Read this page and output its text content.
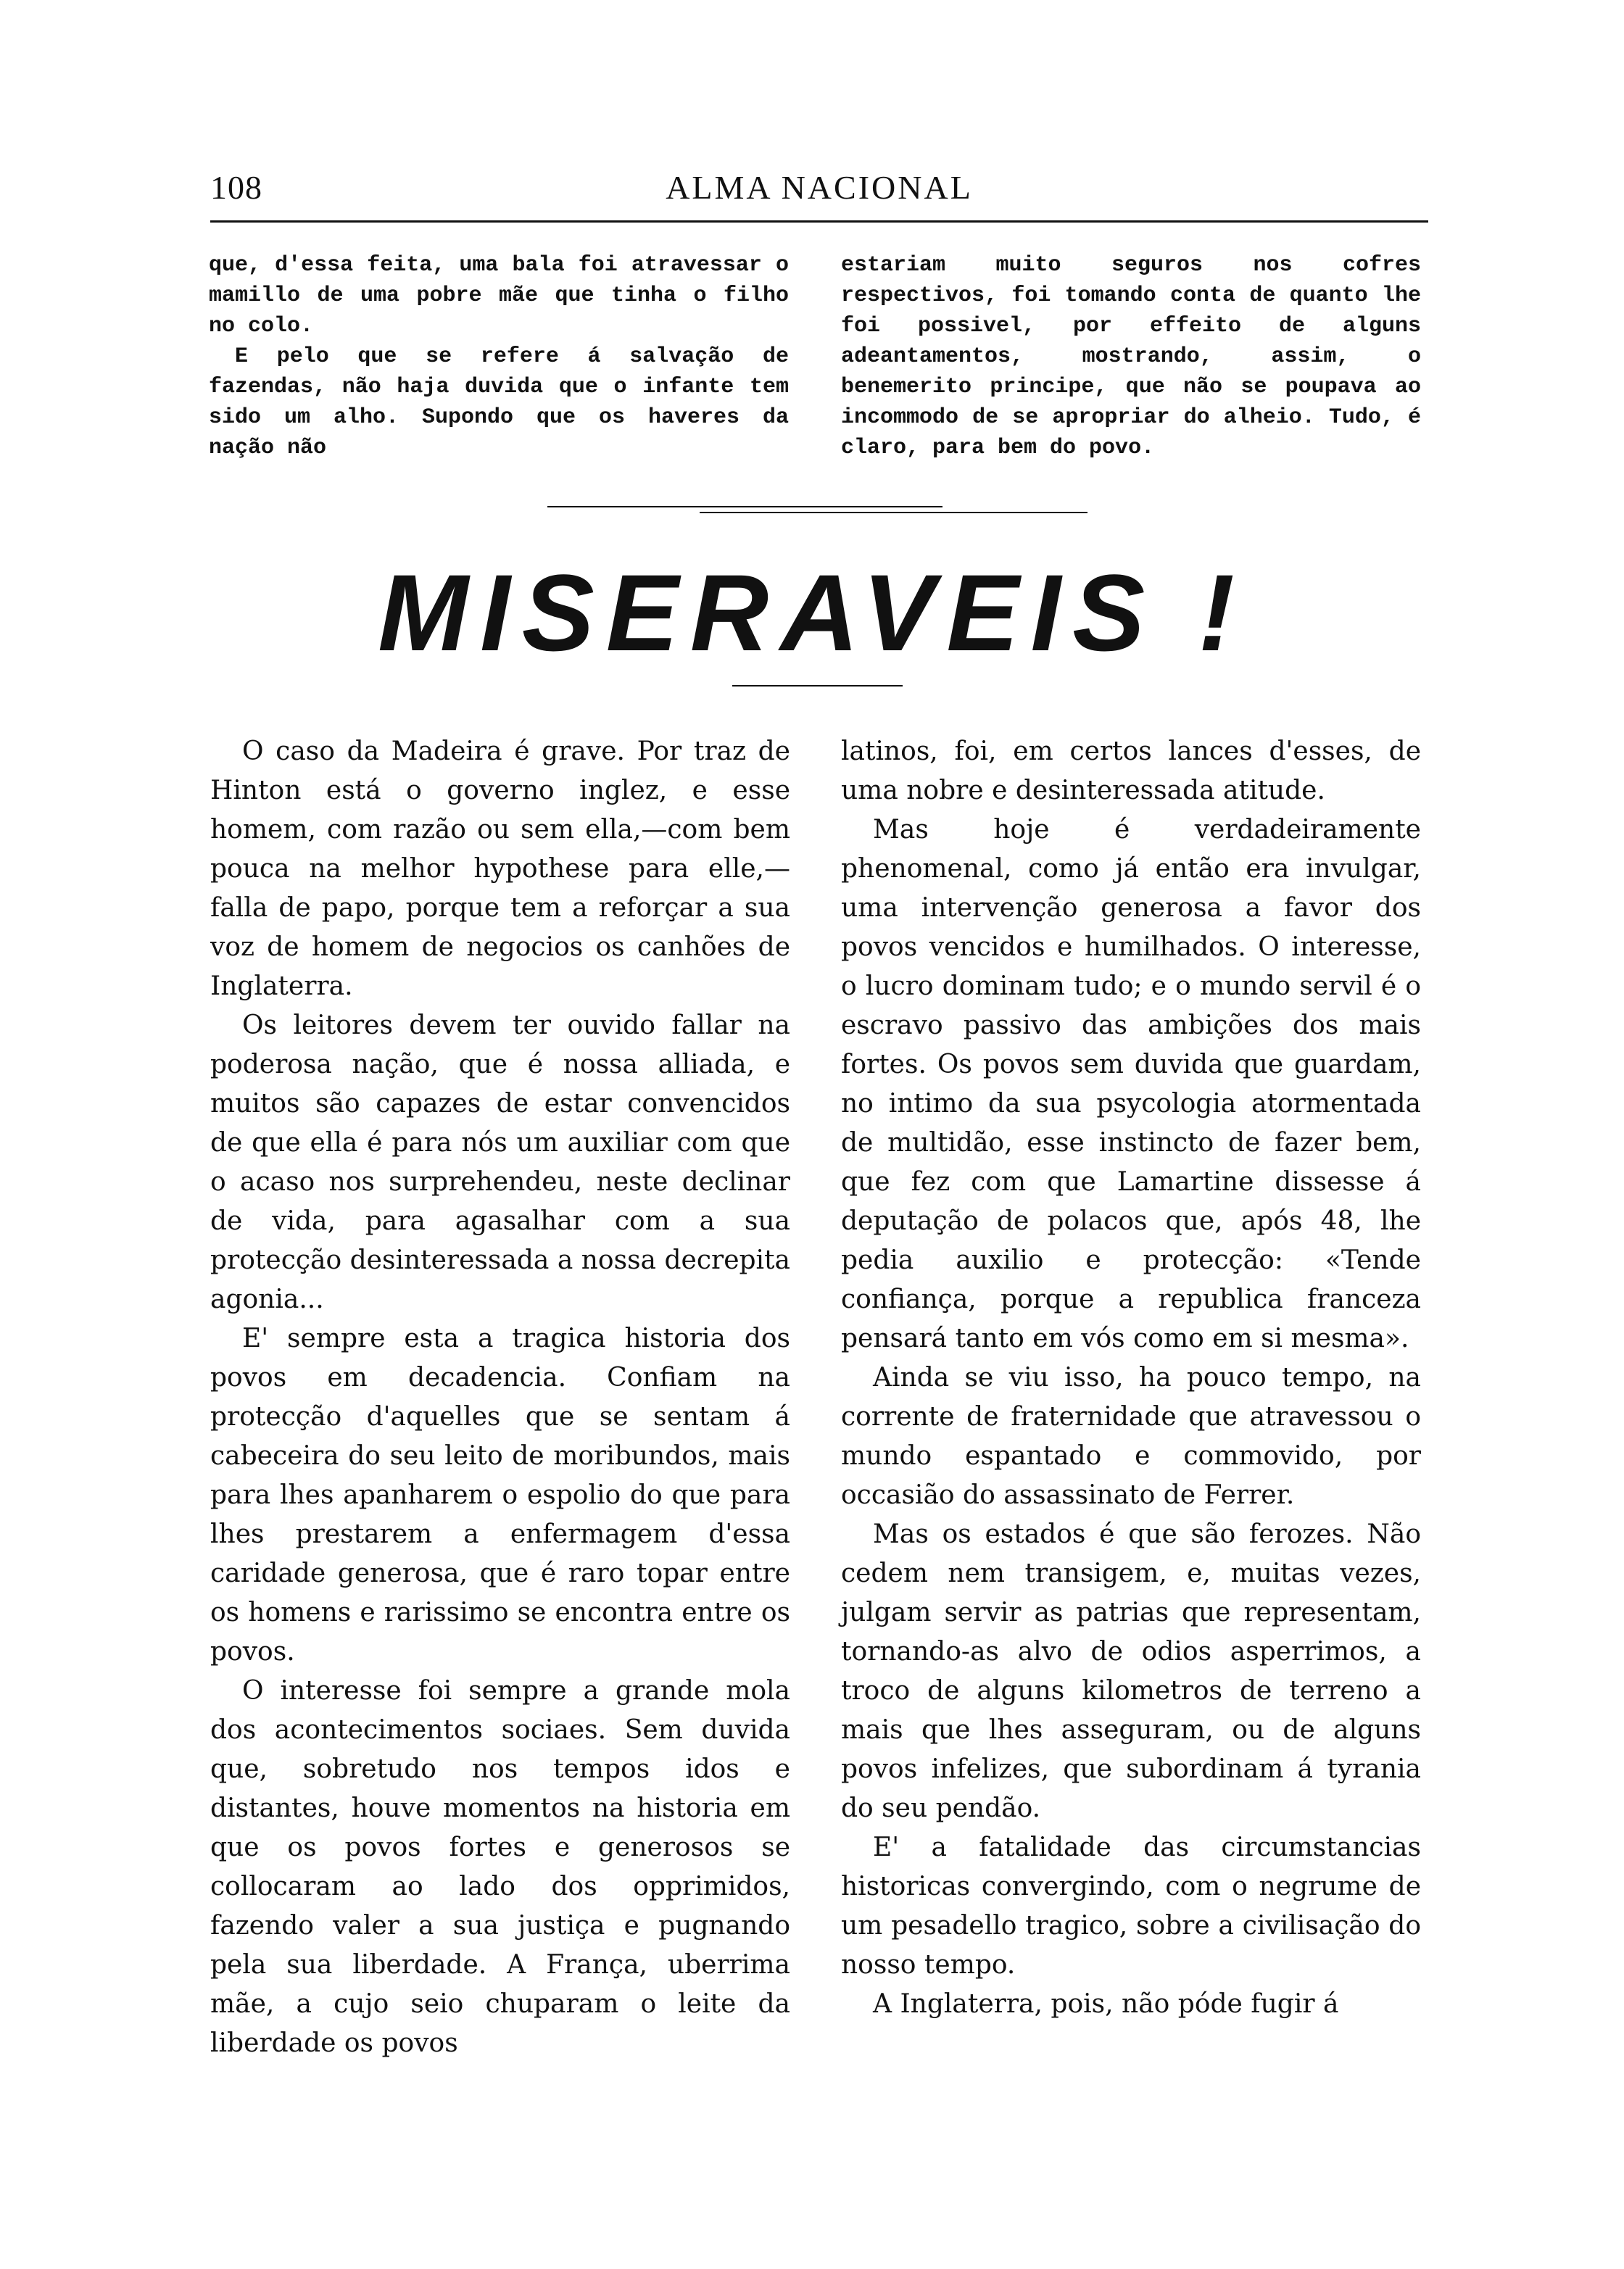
108	ALMA NACIONAL

que, d'essa feita, uma bala foi atravessar o mamillo de uma pobre mãe que tinha o filho no colo.

E pelo que se refere á salvação de fazendas, não haja duvida que o infante tem sido um alho. Supondo que os haveres da nação não

estariam muito seguros nos cofres respectivos, foi tomando conta de quanto lhe foi possivel, por effeito de alguns adeantamentos, mostrando, assim, o benemerito principe, que não se poupava ao incommodo de se apropriar do alheio. Tudo, é claro, para bem do povo.

MISERAVEIS !

O caso da Madeira é grave. Por traz de Hinton está o governo inglez, e esse homem, com razão ou sem ella,—com bem pouca na melhor hypothese para elle,— falla de papo, porque tem a reforçar a sua voz de homem de negocios os canhões de Inglaterra.

Os leitores devem ter ouvido fallar na poderosa nação, que é nossa alliada, e muitos são capazes de estar convencidos de que ella é para nós um auxiliar com que o acaso nos surprehendeu, neste declinar de vida, para agasalhar com a sua protecção desinteressada a nossa decrepita agonia...

E' sempre esta a tragica historia dos povos em decadencia. Confiam na protecção d'aquelles que se sentam á cabeceira do seu leito de moribundos, mais para lhes apanharem o espolio do que para lhes prestarem a enfermagem d'essa caridade generosa, que é raro topar entre os homens e rarissimo se encontra entre os povos.

O interesse foi sempre a grande mola dos acontecimentos sociaes. Sem duvida que, sobretudo nos tempos idos e distantes, houve momentos na historia em que os povos fortes e generosos se collocaram ao lado dos opprimidos, fazendo valer a sua justiça e pugnando pela sua liberdade. A França, uberrima mãe, a cujo seio chuparam o leite da liberdade os povos

latinos, foi, em certos lances d'esses, de uma nobre e desinteressada atitude.

Mas hoje é verdadeiramente phenomenal, como já então era invulgar, uma intervenção generosa a favor dos povos vencidos e humilhados. O interesse, o lucro dominam tudo; e o mundo servil é o escravo passivo das ambições dos mais fortes. Os povos sem duvida que guardam, no intimo da sua psycologia atormentada de multidão, esse instincto de fazer bem, que fez com que Lamartine dissesse á deputação de polacos que, após 48, lhe pedia auxilio e protecção: «Tende confiança, porque a republica franceza pensará tanto em vós como em si mesma».

Ainda se viu isso, ha pouco tempo, na corrente de fraternidade que atravessou o mundo espantado e commovido, por occasião do assassinato de Ferrer.

Mas os estados é que são ferozes. Não cedem nem transigem, e, muitas vezes, julgam servir as patrias que representam, tornando-as alvo de odios asperrimos, a troco de alguns kilometros de terreno a mais que lhes asseguram, ou de alguns povos infelizes, que subordinam á tyrania do seu pendão.

E' a fatalidade das circumstancias historicas convergindo, com o negrume de um pesadello tragico, sobre a civilisação do nosso tempo.

A Inglaterra, pois, não póde fugir á
